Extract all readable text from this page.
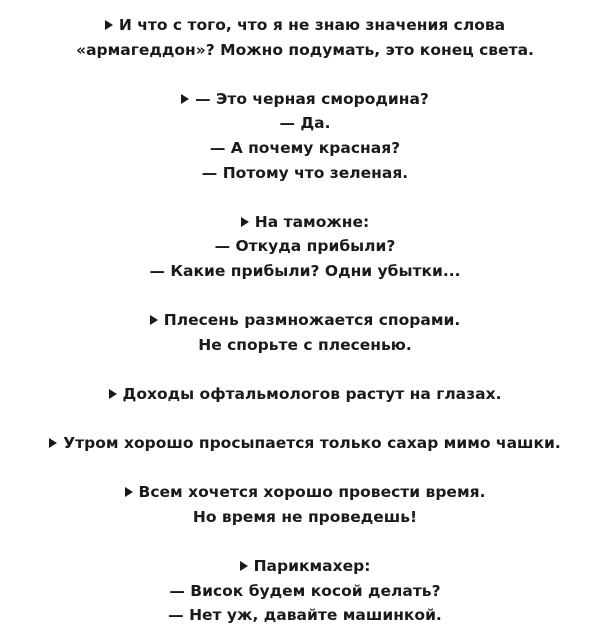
И что с того, что я не знаю значения слова
«армагеддон»? Можно подумать, это конец света.
— Это черная смородина?
— Да.
— А почему красная?
— Потому что зеленая.
На таможне:
— Откуда прибыли?
— Какие прибыли? Одни убытки...
Плесень размножается спорами.
Не спорьте с плесенью.
Доходы офтальмологов растут на глазах.
Утром хорошо просыпается только сахар мимо чашки.
Всем хочется хорошо провести время.
Но время не проведешь!
Парикмахер:
— Висок будем косой делать?
— Нет уж, давайте машинкой.
